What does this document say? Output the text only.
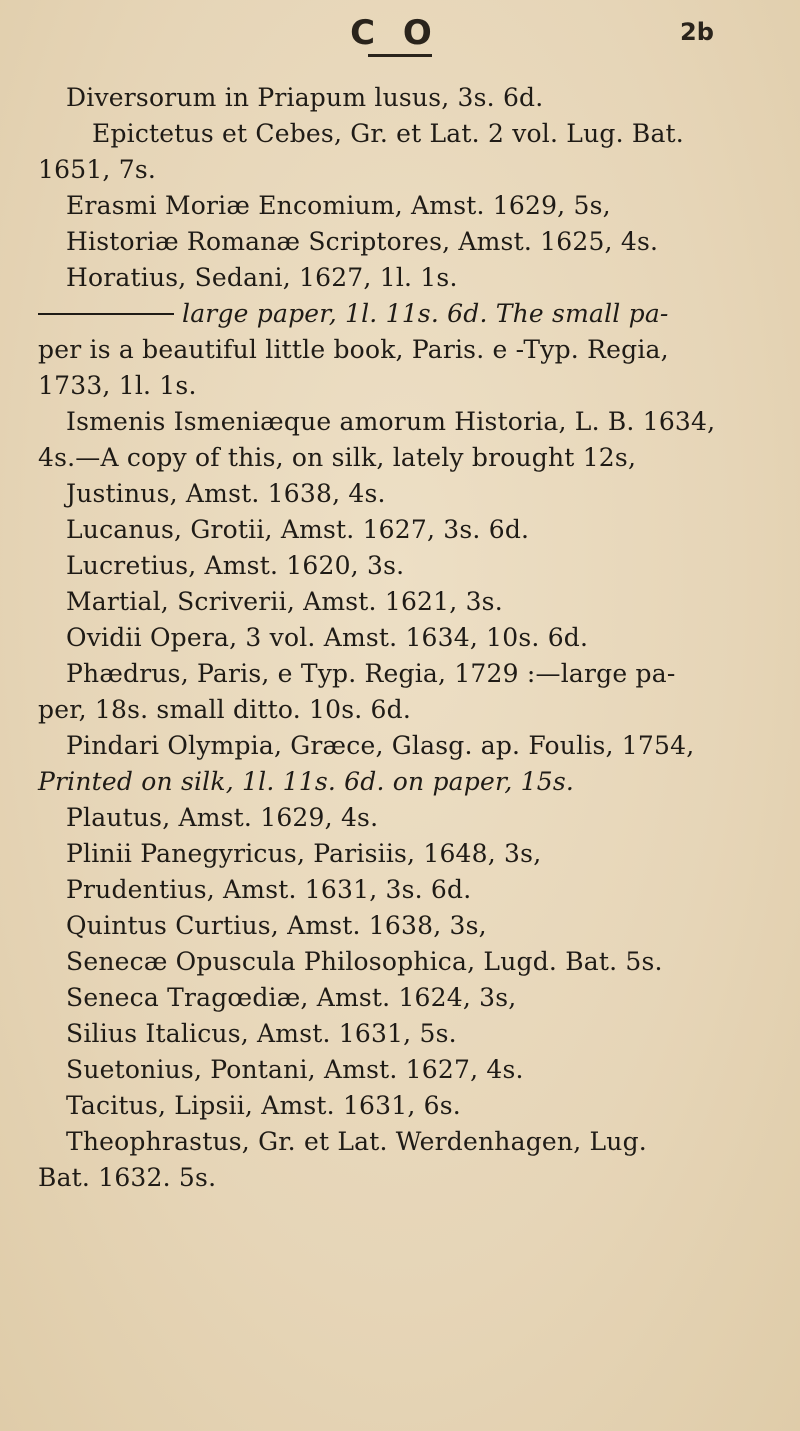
C O	2b
Diversorum in Priapum lusus, 3s. 6d.
Epictetus et Cebes, Gr. et Lat. 2 vol. Lug. Bat.
1651, 7s.
Erasmi Moriæ Encomium, Amst. 1629, 5s,
Historiæ Romanæ Scriptores, Amst. 1625, 4s.
Horatius, Sedani, 1627, 1l. 1s.
large paper, 1l. 11s. 6d. The small pa-
per is a beautiful little book, Paris. e -Typ. Regia,
1733, 1l. 1s.
Ismenis Ismeniæque amorum Historia, L. B. 1634,
4s.—A copy of this, on silk, lately brought 12s,
Justinus, Amst. 1638, 4s.
Lucanus, Grotii, Amst. 1627, 3s. 6d.
Lucretius, Amst. 1620, 3s.
Martial, Scriverii, Amst. 1621, 3s.
Ovidii Opera, 3 vol. Amst. 1634, 10s. 6d.
Phædrus, Paris, e Typ. Regia, 1729 :—large pa-
per, 18s. small ditto. 10s. 6d.
Pindari Olympia, Græce, Glasg. ap. Foulis, 1754,
Printed on silk, 1l. 11s. 6d. on paper, 15s.
Plautus, Amst. 1629, 4s.
Plinii Panegyricus, Parisiis, 1648, 3s,
Prudentius, Amst. 1631, 3s. 6d.
Quintus Curtius, Amst. 1638, 3s,
Senecæ Opuscula Philosophica, Lugd. Bat. 5s.
Seneca Tragœdiæ, Amst. 1624, 3s,
Silius Italicus, Amst. 1631, 5s.
Suetonius, Pontani, Amst. 1627, 4s.
Tacitus, Lipsii, Amst. 1631, 6s.
Theophrastus, Gr. et Lat. Werdenhagen, Lug.
Bat. 1632. 5s.
